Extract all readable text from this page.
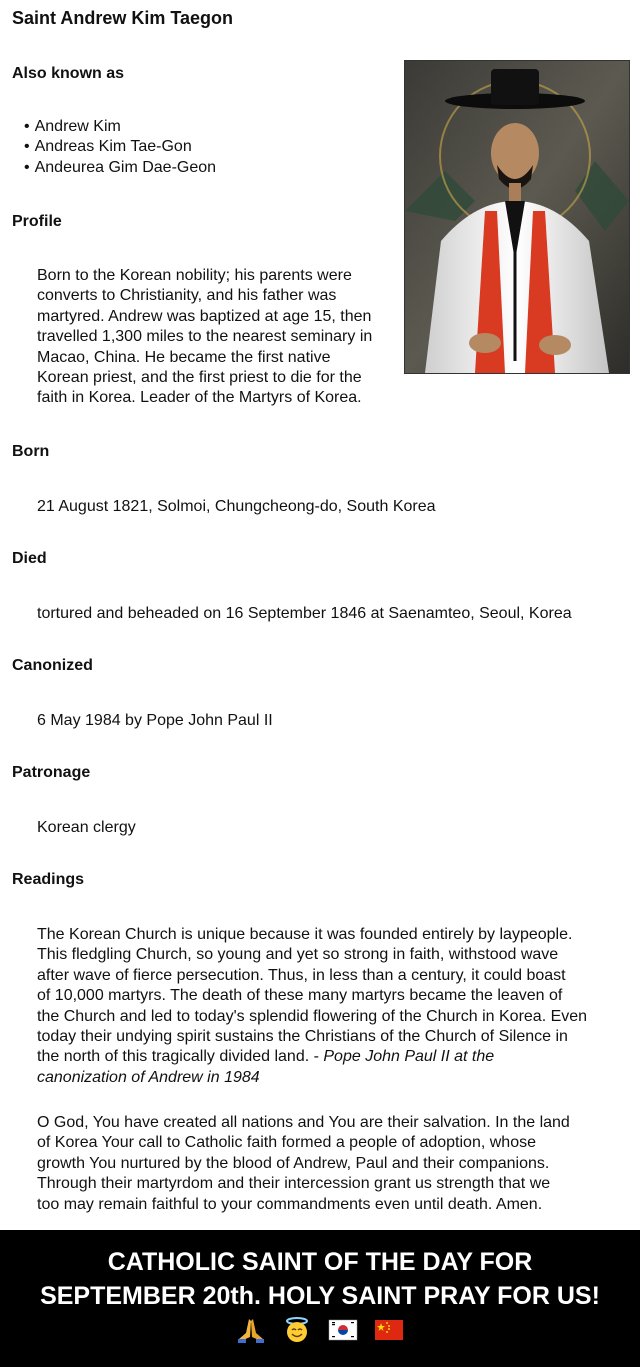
Saint Andrew Kim Taegon
Also known as
• Andrew Kim
• Andreas Kim Tae-Gon
• Andeurea Gim Dae-Geon
Profile

Born to the Korean nobility; his parents were
converts to Christianity, and his father was
martyred. Andrew was baptized at age 15, then
travelled 1,300 miles to the nearest seminary in
Macao, China. He became the first native
Korean priest, and the first priest to die for the
faith in Korea. Leader of the Martyrs of Korea.

Born

21 August 1821, Solmoi, Chungcheong-do, South Korea

Died

tortured and beheaded on 16 September 1846 at Saenamteo, Seoul, Korea

Canonized

6 May 1984 by Pope John Paul II

Patronage

Korean clergy

Readings

The Korean Church is unique because it was founded entirely by laypeople.
This fledgling Church, so young and yet so strong in faith, withstood wave
after wave of fierce persecution. Thus, in less than a century, it could boast
of 10,000 martyrs. The death of these many martyrs became the leaven of
the Church and led to today's splendid flowering of the Church in Korea. Even
today their undying spirit sustains the Christians of the Church of Silence in
the north of this tragically divided land. - Pope John Paul II at the
canonization of Andrew in 1984

O God, You have created all nations and You are their salvation. In the land
of Korea Your call to Catholic faith formed a people of adoption, whose
growth You nurtured by the blood of Andrew, Paul and their companions.
Through their martyrdom and their intercession grant us strength that we
too may remain faithful to your commandments even until death. Amen.

CATHOLIC SAINT OF THE DAY FOR
SEPTEMBER 20th. HOLY SAINT PRAY FOR US!
